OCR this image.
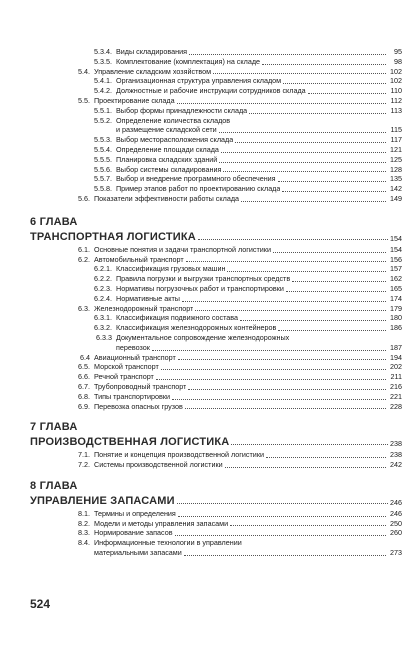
5.3.4. Виды складирования	95
5.3.5. Комплектование (комплектация) на складе	98
5.4. Управление складским хозяйством	102
5.4.1. Организационная структура управления складом	102
5.4.2. Должностные и рабочие инструкции сотрудников склада	110
5.5. Проектирование склада	112
5.5.1. Выбор формы принадлежности склада	113
5.5.2. Определение количества складов
и размещение складской сети	115
5.5.3. Выбор месторасположения склада	117
5.5.4. Определение площади склада	121
5.5.5. Планировка складских зданий	125
5.5.6. Выбор системы складирования	128
5.5.7. Выбор и внедрение программного обеспечения	135
5.5.8. Пример этапов работ по проектированию склада	142
5.6. Показатели эффективности работы склада	149
6 ГЛАВА
ТРАНСПОРТНАЯ ЛОГИСТИКА	154
6.1. Основные понятия и задачи транспортной логистики	154
6.2. Автомобильный транспорт	156
6.2.1. Классификация грузовых машин	157
6.2.2. Правила погрузки и выгрузки транспортных средств	162
6.2.3. Нормативы погрузочных работ и транспортировки	165
6.2.4. Нормативные акты	174
6.3. Железнодорожный транспорт	179
6.3.1. Классификация подвижного состава	180
6.3.2. Классификация железнодорожных контейнеров	186
6.3.3 Документальное сопровождение железнодорожных
перевозок	187
6.4 Авиационный транспорт	194
6.5. Морской транспорт	202
6.6. Речной транспорт	211
6.7. Трубопроводный транспорт	216
6.8. Типы транспортировки	221
6.9. Перевозка опасных грузов	228
7 ГЛАВА
ПРОИЗВОДСТВЕННАЯ ЛОГИСТИКА	238
7.1. Понятие и концепция производственной логистики	238
7.2. Системы производственной логистики	242
8 ГЛАВА
УПРАВЛЕНИЕ ЗАПАСАМИ	246
8.1. Термины и определения	246
8.2. Модели и методы управления запасами	250
8.3. Нормирование запасов	260
8.4. Информационные технологии в управлении
материальными запасами	273
524
